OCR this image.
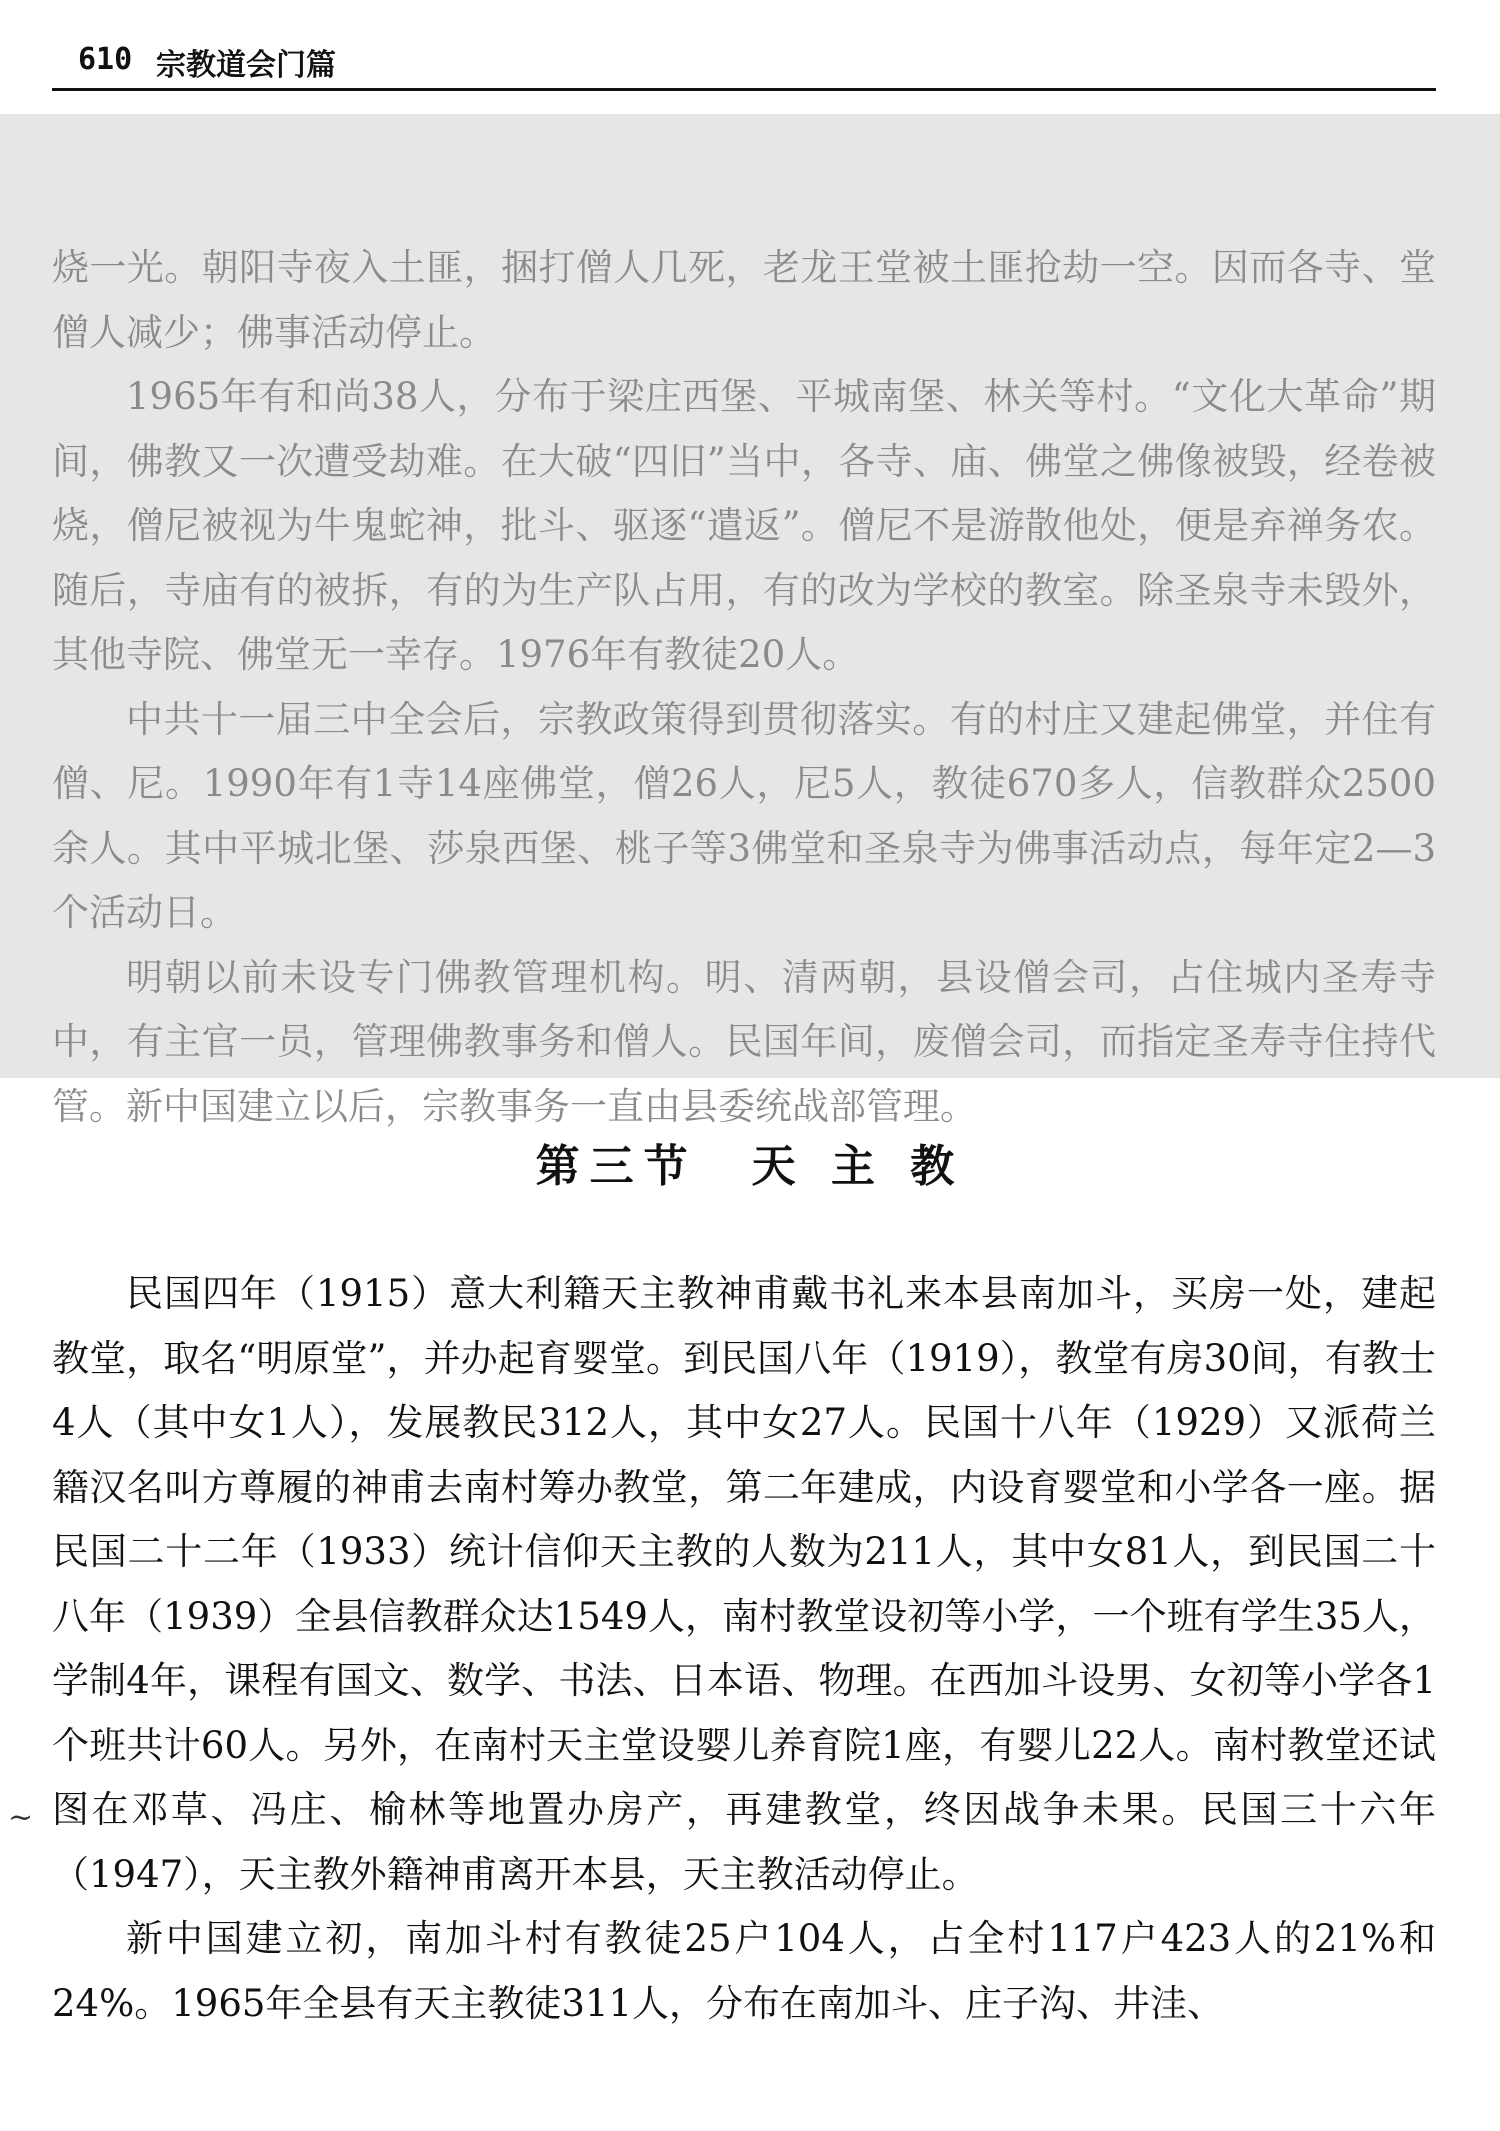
610 宗教道会门篇

烧一光。朝阳寺夜入土匪，捆打僧人几死，老龙王堂被土匪抢劫一空。因而各寺、堂僧人减少；佛事活动停止。

1965年有和尚38人，分布于梁庄西堡、平城南堡、林关等村。“文化大革命”期间，佛教又一次遭受劫难。在大破“四旧”当中，各寺、庙、佛堂之佛像被毁，经卷被烧，僧尼被视为牛鬼蛇神，批斗、驱逐“遣返”。僧尼不是游散他处，便是弃禅务农。随后，寺庙有的被拆，有的为生产队占用，有的改为学校的教室。除圣泉寺未毁外，其他寺院、佛堂无一幸存。1976年有教徒20人。

中共十一届三中全会后，宗教政策得到贯彻落实。有的村庄又建起佛堂，并住有僧、尼。1990年有1寺14座佛堂，僧26人，尼5人，教徒670多人，信教群众2500余人。其中平城北堡、莎泉西堡、桃子等3佛堂和圣泉寺为佛事活动点，每年定2—3个活动日。

明朝以前未设专门佛教管理机构。明、清两朝，县设僧会司，占住城内圣寿寺中，有主官一员，管理佛教事务和僧人。民国年间，废僧会司，而指定圣寿寺住持代管。新中国建立以后，宗教事务一直由县委统战部管理。

第三节　天 主 教

民国四年（1915）意大利籍天主教神甫戴书礼来本县南加斗，买房一处，建起教堂，取名“明原堂”，并办起育婴堂。到民国八年（1919），教堂有房30间，有教士4人（其中女1人），发展教民312人，其中女27人。民国十八年（1929）又派荷兰籍汉名叫方尊履的神甫去南村筹办教堂，第二年建成，内设育婴堂和小学各一座。据民国二十二年（1933）统计信仰天主教的人数为211人，其中女81人，到民国二十八年（1939）全县信教群众达1549人，南村教堂设初等小学，一个班有学生35人，学制4年，课程有国文、数学、书法、日本语、物理。在西加斗设男、女初等小学各1个班共计60人。另外，在南村天主堂设婴儿养育院1座，有婴儿22人。南村教堂还试图在邓草、冯庄、榆林等地置办房产，再建教堂，终因战争未果。民国三十六年（1947），天主教外籍神甫离开本县，天主教活动停止。

新中国建立初，南加斗村有教徒25户104人，占全村117户423人的21%和24%。1965年全县有天主教徒311人，分布在南加斗、庄子沟、井洼、

~
